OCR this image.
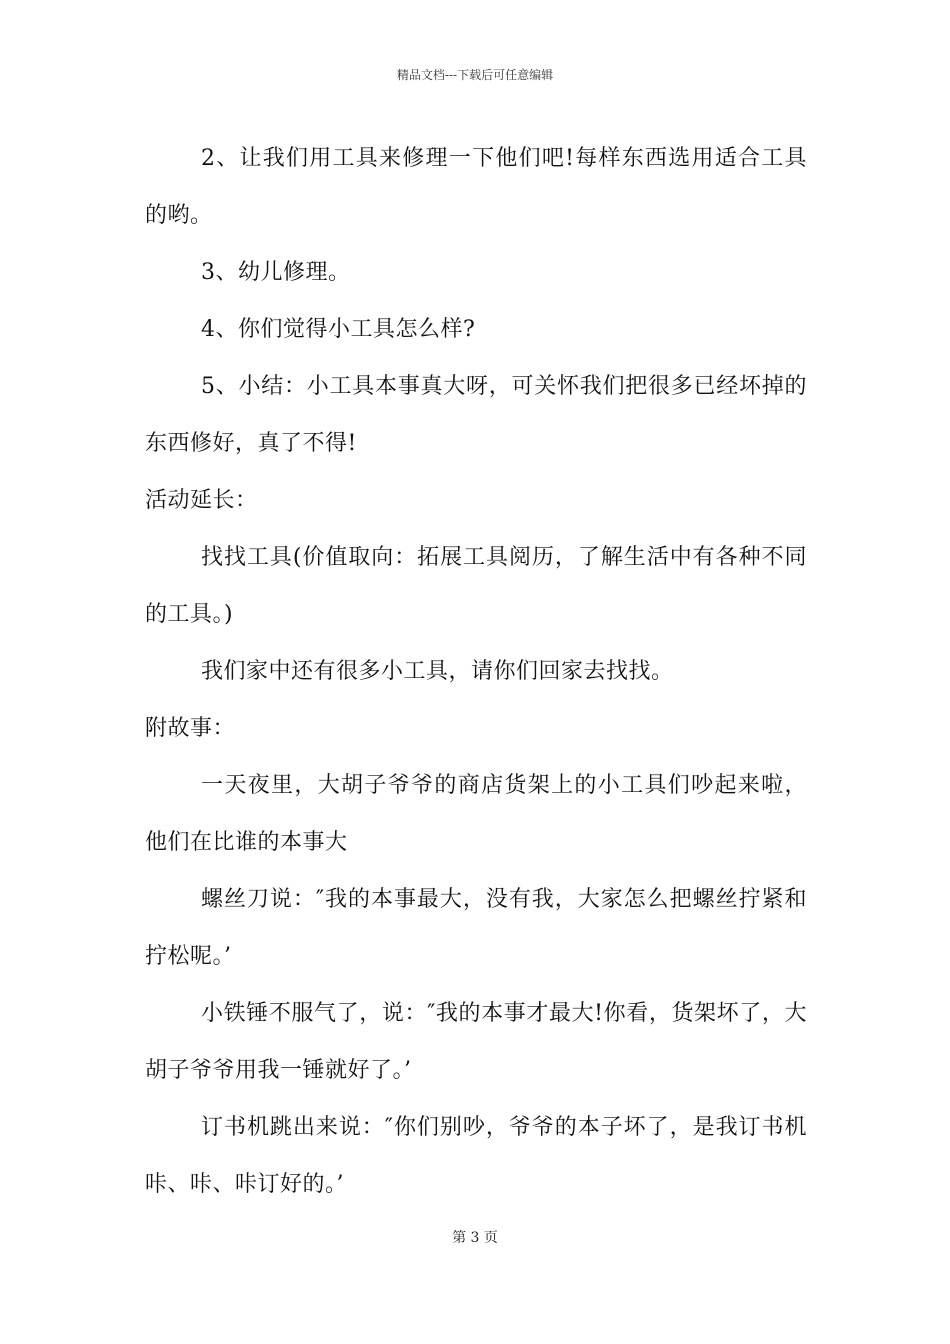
精品文档---下载后可任意编辑

2、让我们用工具来修理一下他们吧!每样东西选用适合工具的哟。

3、幼儿修理。

4、你们觉得小工具怎么样?

5、小结：小工具本事真大呀，可关怀我们把很多已经坏掉的东西修好，真了不得!

活动延长：

找找工具(价值取向：拓展工具阅历，了解生活中有各种不同的工具。)

我们家中还有很多小工具，请你们回家去找找。

附故事：

一天夜里，大胡子爷爷的商店货架上的小工具们吵起来啦，他们在比谁的本事大

螺丝刀说：″我的本事最大，没有我，大家怎么把螺丝拧紧和拧松呢。’

小铁锤不服气了，说：″我的本事才最大!你看，货架坏了，大胡子爷爷用我一锤就好了。’

订书机跳出来说：″你们别吵，爷爷的本子坏了，是我订书机咔、咔、咔订好的。’

第 3 页
